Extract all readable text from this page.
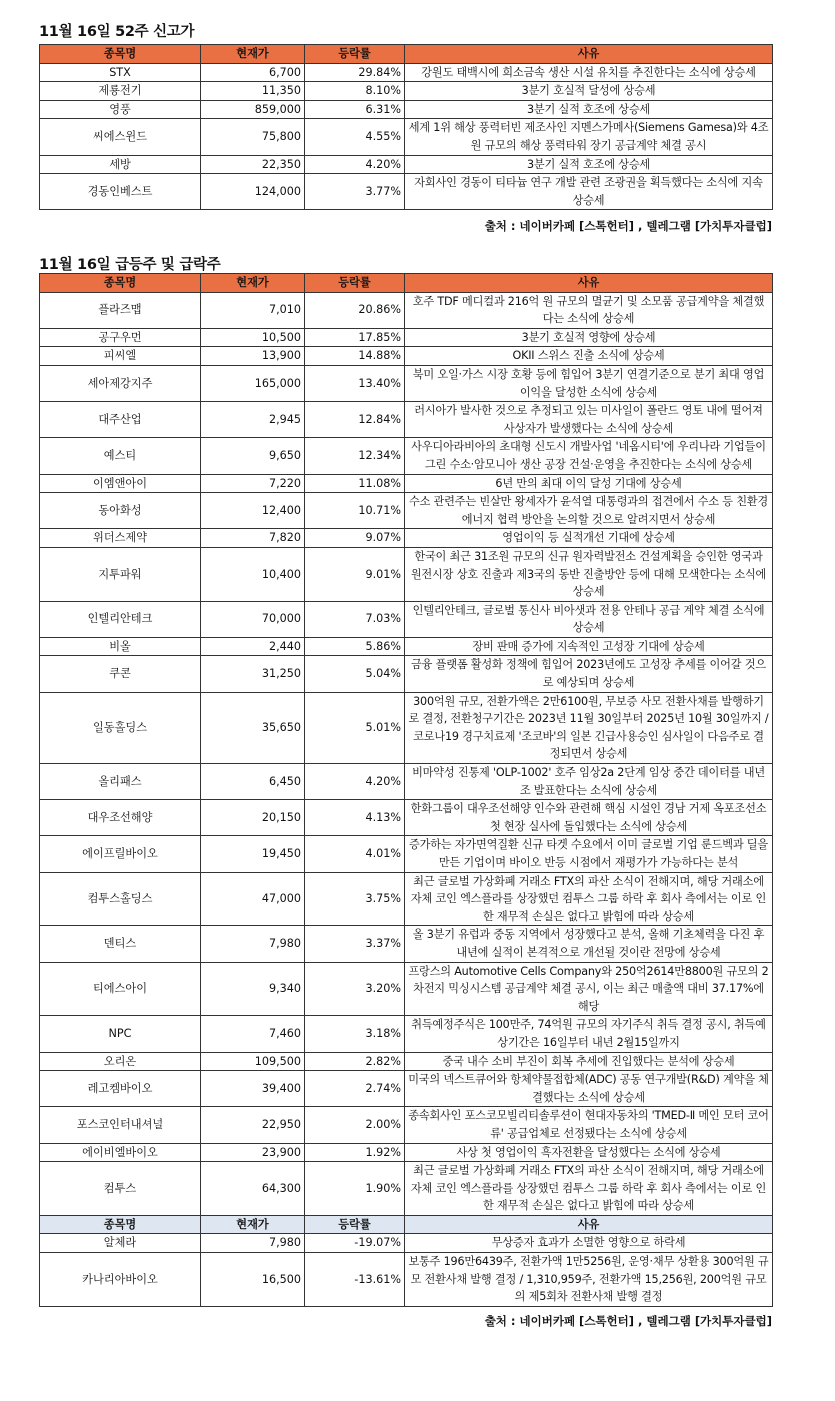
11월 16일 52주 신고가
종목명	현재가	등락률	사유
STX	6,700	29.84%	강원도 태백시에 희소금속 생산 시설 유치를 추진한다는 소식에 상승세
제룡전기	11,350	8.10%	3분기 호실적 달성에 상승세
영풍	859,000	6.31%	3분기 실적 호조에 상승세
씨에스윈드	75,800	4.55%	세계 1위 해상 풍력터빈 제조사인 지멘스가메사(Siemens Gamesa)와 4조원 규모의 해상 풍력타워 장기 공급계약 체결 공시
세방	22,350	4.20%	3분기 실적 호조에 상승세
경동인베스트	124,000	3.77%	자회사인 경동이 티타늄 연구 개발 관련 조광권을 획득했다는 소식에 지속 상승세
출처 : 네이버카페 [스톡헌터] , 텔레그램 [가치투자클럽]
11월 16일 급등주 및 급락주
종목명	현재가	등락률	사유
플라즈맵	7,010	20.86%	호주 TDF 메디컬과 216억 원 규모의 멸균기 및 소모품 공급계약을 체결했다는 소식에 상승세
공구우먼	10,500	17.85%	3분기 호실적 영향에 상승세
피씨엘	13,900	14.88%	OKII 스위스 진출 소식에 상승세
세아제강지주	165,000	13.40%	북미 오일·가스 시장 호황 등에 힘입어 3분기 연결기준으로 분기 최대 영업이익을 달성한 소식에 상승세
대주산업	2,945	12.84%	러시아가 발사한 것으로 추정되고 있는 미사일이 폴란드 영토 내에 떨어져 사상자가 발생했다는 소식에 상승세
예스티	9,650	12.34%	사우디아라비아의 초대형 신도시 개발사업 '네옴시티'에 우리나라 기업들이 그린 수소·암모니아 생산 공장 건설·운영을 추진한다는 소식에 상승세
이엠앤아이	7,220	11.08%	6년 만의 최대 이익 달성 기대에 상승세
동아화성	12,400	10.71%	수소 관련주는 빈살만 왕세자가 윤석열 대통령과의 접견에서 수소 등 친환경에너지 협력 방안을 논의할 것으로 알려지면서 상승세
위더스제약	7,820	9.07%	영업이익 등 실적개선 기대에 상승세
지투파워	10,400	9.01%	한국이 최근 31조원 규모의 신규 원자력발전소 건설계획을 승인한 영국과 원전시장 상호 진출과 제3국의 동반 진출방안 등에 대해 모색한다는 소식에 상승세
인텔리안테크	70,000	7.03%	인텔리안테크, 글로벌 통신사 비아샛과 전용 안테나 공급 계약 체결 소식에 상승세
비올	2,440	5.86%	장비 판매 증가에 지속적인 고성장 기대에 상승세
쿠콘	31,250	5.04%	금융 플랫폼 활성화 정책에 힘입어 2023년에도 고성장 추세를 이어갈 것으로 예상되며 상승세
일동홀딩스	35,650	5.01%	300억원 규모, 전환가액은 2만6100원, 무보증 사모 전환사채를 발행하기로 결정, 전환청구기간은 2023년 11월 30일부터 2025년 10월 30일까지 / 코로나19 경구치료제 '조코바'의 일본 긴급사용승인 심사일이 다음주로 결정되면서 상승세
올리패스	6,450	4.20%	비마약성 진통제 'OLP-1002' 호주 임상2a 2단계 임상 중간 데이터를 내년 조 발표한다는 소식에 상승세
대우조선해양	20,150	4.13%	한화그룹이 대우조선해양 인수와 관련해 핵심 시설인 경남 거제 옥포조선소 첫 현장 실사에 돌입했다는 소식에 상승세
에이프릴바이오	19,450	4.01%	증가하는 자가면역질환 신규 타겟 수요에서 이미 글로벌 기업 룬드벡과 딜을 만든 기업이며 바이오 반등 시점에서 재평가가 가능하다는 분석
컴투스홀딩스	47,000	3.75%	최근 글로벌 가상화폐 거래소 FTX의 파산 소식이 전해지며, 해당 거래소에 자체 코인 엑스플라를 상장했던 컴투스 그룹 하락 후 회사 측에서는 이로 인한 재무적 손실은 없다고 밝힘에 따라 상승세
덴티스	7,980	3.37%	올 3분기 유럽과 중동 지역에서 성장했다고 분석, 올해 기초체력을 다진 후 내년에 실적이 본격적으로 개선될 것이란 전망에 상승세
티에스아이	9,340	3.20%	프랑스의 Automotive Cells Company와 250억2614만8800원 규모의 2차전지 믹싱시스템 공급계약 체결 공시, 이는 최근 매출액 대비 37.17%에 해당
NPC	7,460	3.18%	취득예정주식은 100만주, 74억원 규모의 자기주식 취득 결정 공시, 취득예상기간은 16일부터 내년 2월15일까지
오리온	109,500	2.82%	중국 내수 소비 부진이 회복 추세에 진입했다는 분석에 상승세
레고켐바이오	39,400	2.74%	미국의 넥스트큐어와 항체약물접합체(ADC) 공동 연구개발(R&D) 계약을 체결했다는 소식에 상승세
포스코인터내셔널	22,950	2.00%	종속회사인 포스코모빌리티솔루션이 현대자동차의 'TMED-Ⅱ 메인 모터 코어류' 공급업체로 선정됐다는 소식에 상승세
에이비엘바이오	23,900	1.92%	사상 첫 영업이익 흑자전환을 달성했다는 소식에 상승세
컴투스	64,300	1.90%	최근 글로벌 가상화폐 거래소 FTX의 파산 소식이 전해지며, 해당 거래소에 자체 코인 엑스플라를 상장했던 컴투스 그룹 하락 후 회사 측에서는 이로 인한 재무적 손실은 없다고 밝힘에 따라 상승세
종목명	현재가	등락률	사유
알체라	7,980	-19.07%	무상증자 효과가 소멸한 영향으로 하락세
카나리아바이오	16,500	-13.61%	보통주 196만6439주, 전환가액 1만5256원, 운영·채무 상환용 300억원 규모 전환사채 발행 결정 / 1,310,959주, 전환가액 15,256원, 200억원 규모의 제5회차 전환사채 발행 결정
출처 : 네이버카페 [스톡헌터] , 텔레그램 [가치투자클럽]
